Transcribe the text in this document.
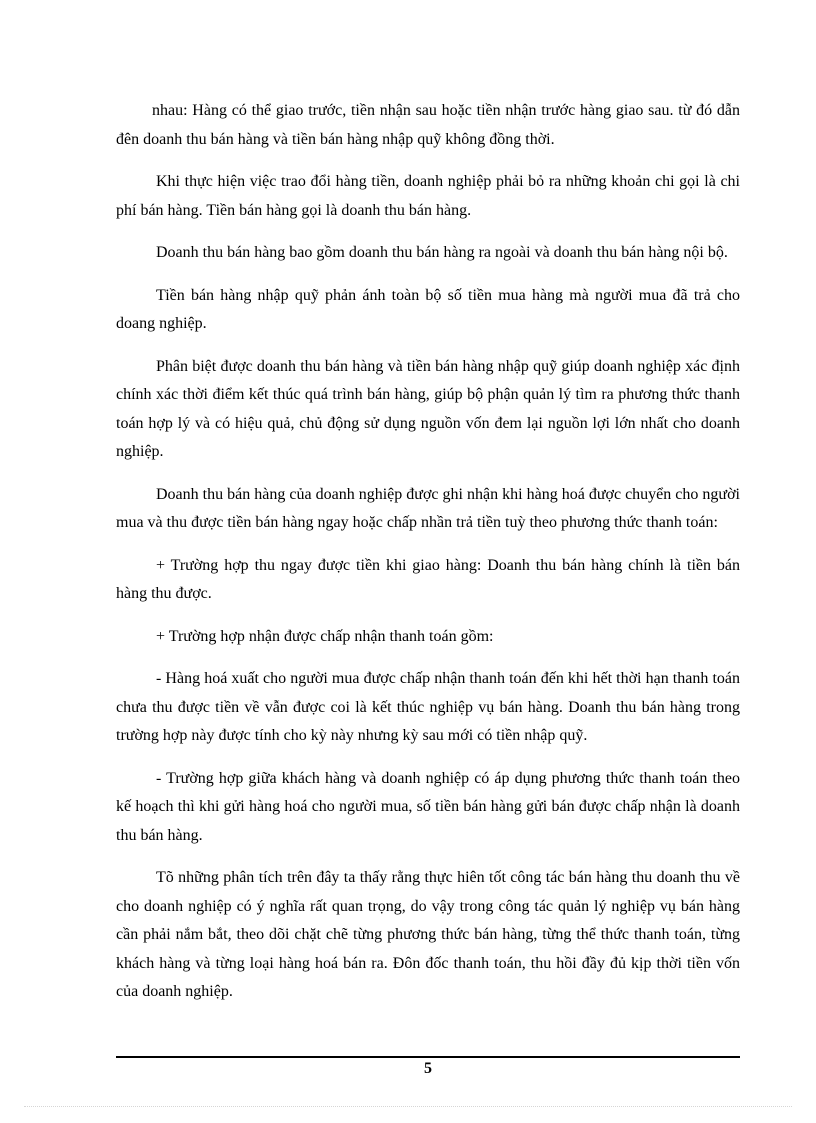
nhau: Hàng có thể giao trước, tiền nhận sau hoặc tiền nhận trước hàng giao sau. từ đó dẫn đên doanh thu bán hàng và tiền bán hàng nhập quỹ không đồng thời.

Khi thực hiện việc trao đổi hàng tiền, doanh nghiệp phải bỏ ra những khoản chi gọi là chi phí bán hàng. Tiền bán hàng gọi là doanh thu bán hàng.

Doanh thu bán hàng bao gồm doanh thu bán hàng ra ngoài và doanh thu bán hàng nội bộ.

Tiền bán hàng nhập quỹ phản ánh toàn bộ số tiền mua hàng mà người mua đã trả cho doang nghiệp.

Phân biệt được doanh thu bán hàng và tiền bán hàng nhập quỹ giúp doanh nghiệp xác định chính xác thời điểm kết thúc quá trình bán hàng, giúp bộ phận quản lý tìm ra phương thức thanh toán hợp lý và có hiệu quả, chủ động sử dụng nguồn vốn đem lại nguồn lợi lớn nhất cho doanh nghiệp.

Doanh thu bán hàng của doanh nghiệp được ghi nhận khi hàng hoá được chuyển cho người mua và thu được tiền bán hàng ngay hoặc chấp nhần trả tiền tuỳ theo phương thức thanh toán:

+ Trường hợp thu ngay được tiền khi giao hàng: Doanh thu bán hàng chính là tiền bán hàng thu được.

+ Trường hợp nhận được chấp nhận thanh toán gồm:

- Hàng hoá xuất cho người mua được chấp nhận thanh toán đến khi hết thời hạn thanh toán chưa thu được tiền về vẫn được coi là kết thúc nghiệp vụ bán hàng. Doanh thu bán hàng trong trường hợp này được tính cho kỳ này nhưng kỳ sau mới có tiền nhập quỹ.

- Trường hợp giữa khách hàng và doanh nghiệp có áp dụng phương thức thanh toán theo kế hoạch thì khi gửi hàng hoá cho người mua, số tiền bán hàng gửi bán được chấp nhận là doanh thu bán hàng.

Tõ những phân tích trên đây ta thấy rằng thực hiên tốt công tác bán hàng thu doanh thu về cho doanh nghiệp có ý nghĩa rất quan trọng, do vậy trong công tác quản lý nghiệp vụ bán hàng cần phải nắm bắt, theo dõi chặt chẽ từng phương thức bán hàng, từng thể thức thanh toán, từng khách hàng và từng loại hàng hoá bán ra. Đôn đốc thanh toán, thu hồi đầy đủ kịp thời tiền vốn của doanh nghiệp.

5
